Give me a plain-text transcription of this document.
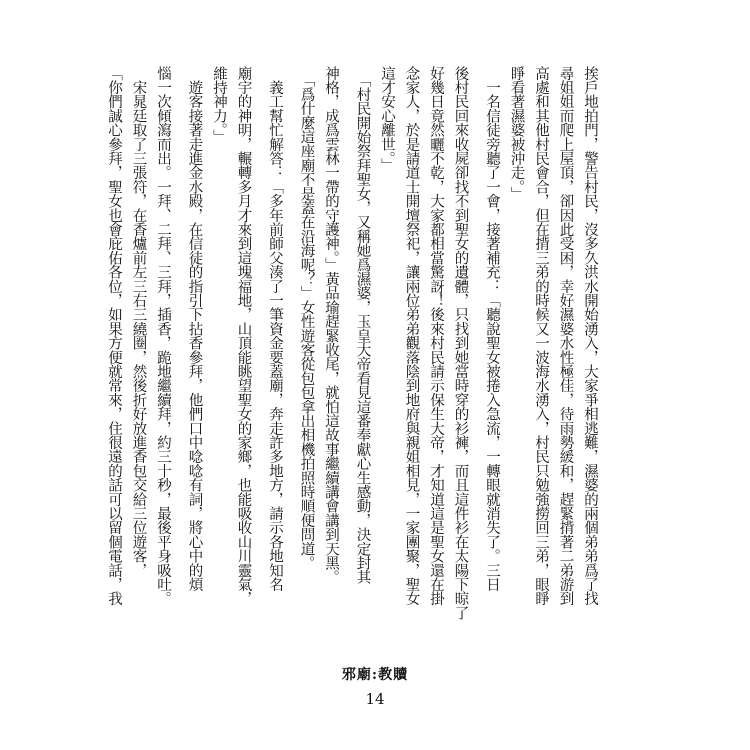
挨戶地拍門，警告村民，沒多久洪水開始湧入，大家爭相逃難，濕婆的兩個弟弟爲了找

尋姐姐而爬上屋頂，卻因此受困，幸好濕婆水性極佳，待雨勢緩和，趕緊揹著二弟游到

高處和其他村民會合，但在揹三弟的時候又一波海水湧入，村民只勉強撈回三弟，眼睜

睜看著濕婆被沖走。」

　一名信徒旁聽了一會，接著補充：「聽說聖女被捲入急流，一轉眼就消失了。三日

後村民回來收屍卻找不到聖女的遺體，只找到她當時穿的衫褲，而且這件衫在太陽下晾了

好幾日竟然曬不乾，大家都相當驚訝！後來村民請示保生大帝，才知道這是聖女還在掛

念家人，於是請道士開壇祭祀，讓兩位弟弟觀落陰到地府與親姐相見，一家團聚，聖女

這才安心離世。」

　「村民開始祭拜聖女，又稱她爲濕婆，玉皇大帝看見這番奉獻心生感動，決定封其

神格，成爲雲林一帶的守護神。」黃品瑜趕緊收尾，就怕這故事繼續講會講到天黑。

　「爲什麼這座廟不是蓋在沿海呢？」女性遊客從包包拿出相機拍照時順便問道。

　義工幫忙解答：「多年前師父湊了一筆資金要蓋廟，奔走許多地方，請示各地知名

廟宇的神明，輾轉多月才來到這塊福地，山頂能眺望聖女的家鄉，也能吸收山川靈氣，

維持神力。」

　遊客接著走進金水殿，在信徒的指引下拈香參拜，他們口中唸唸有詞，將心中的煩

惱一次傾瀉而出。一拜、二拜、三拜，插香，跪地繼續拜，約三十秒，最後平身吸吐。

　宋晁廷取了三張符，在香爐前左三右三繞圈，然後折好放進香包交給三位遊客，

「你們誠心參拜，聖女也會庇佑各位，如果方便就常來，住很遠的話可以留個電話，我

邪廟:教贖
14
